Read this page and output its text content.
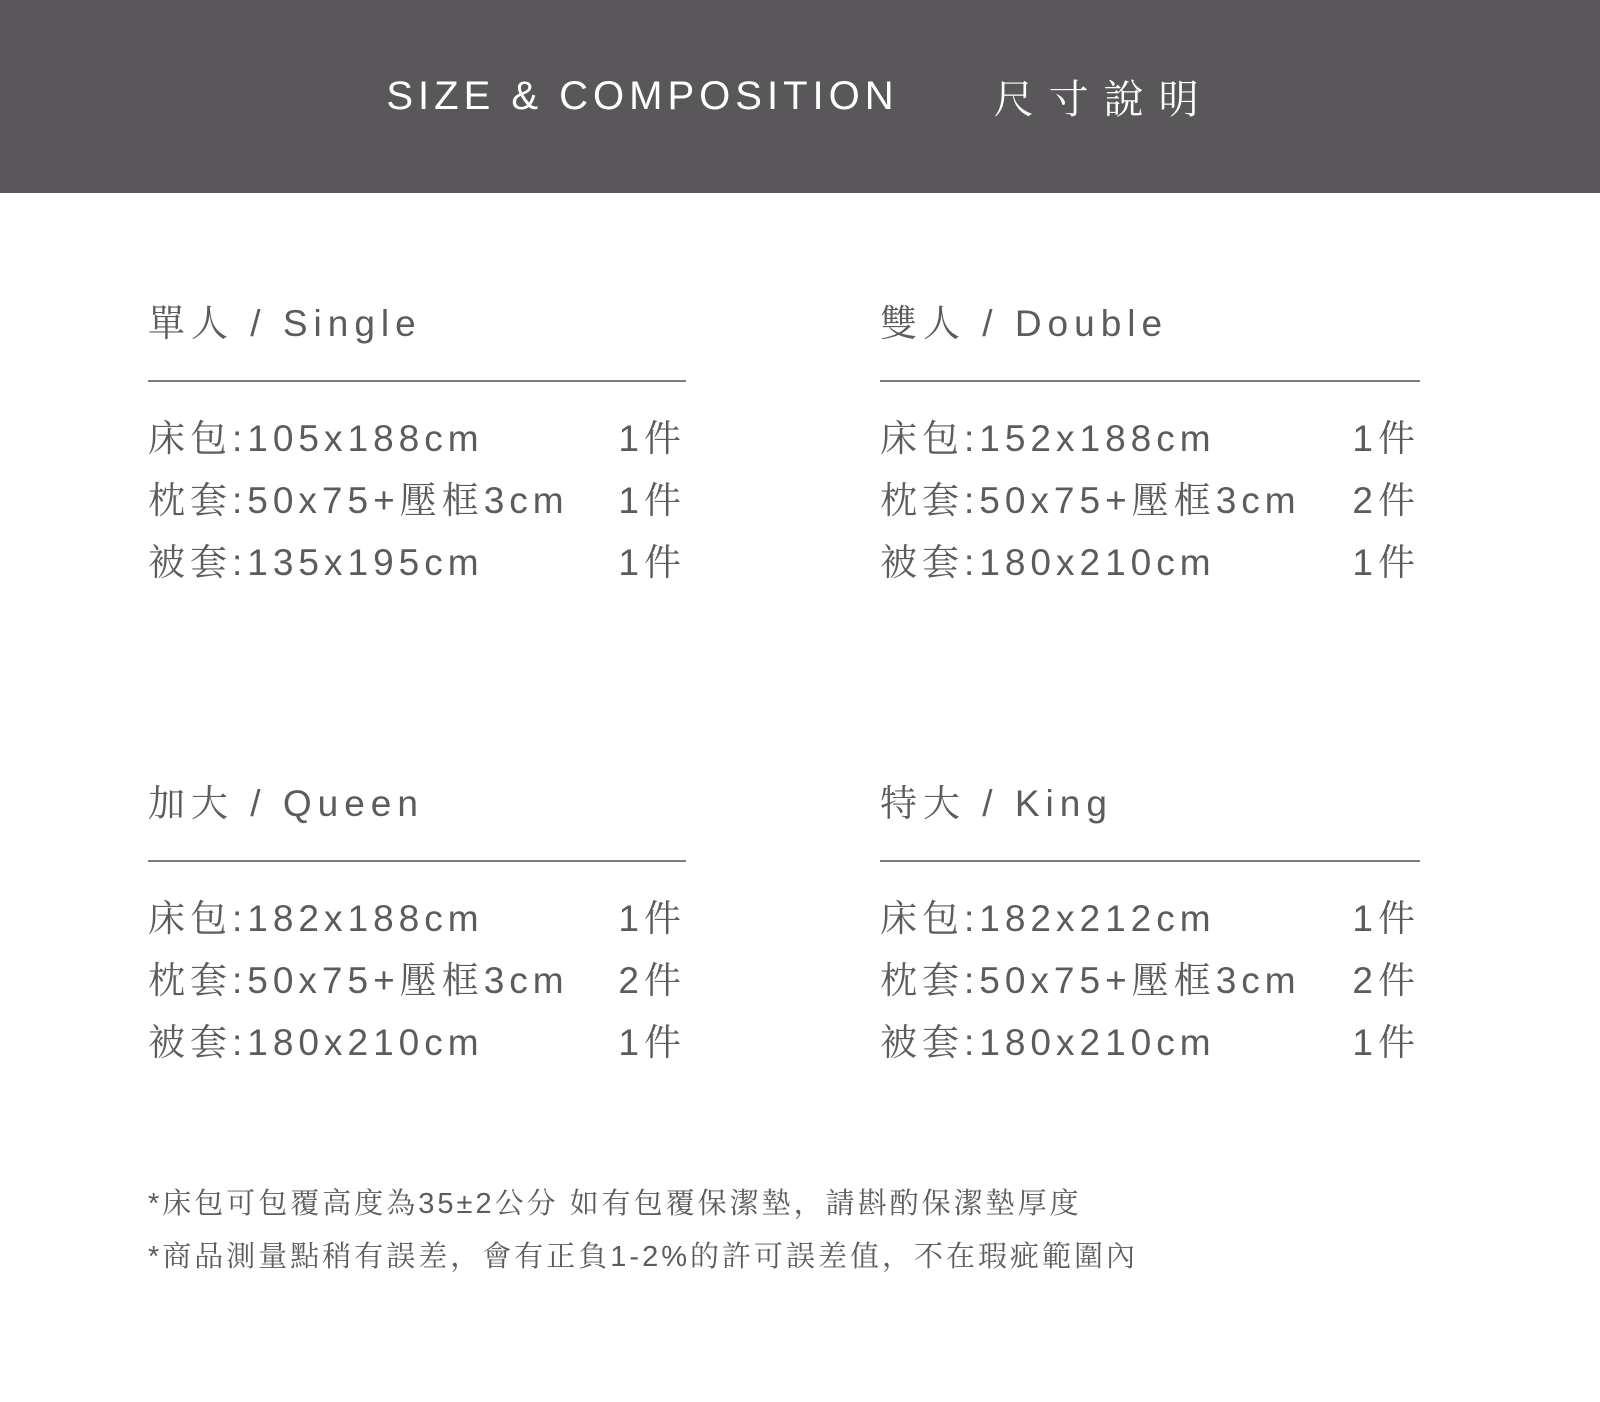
SIZE & COMPOSITION 尺寸說明
單人 / Single
床包:105x188cm	1件
枕套:50x75+壓框3cm 1件
被套:135x195cm	1件
雙人 / Double
床包:152x188cm	1件
枕套:50x75+壓框3cm 2件
被套:180x210cm	1件
加大 / Queen
床包:182x188cm	1件
枕套:50x75+壓框3cm 2件
被套:180x210cm	1件
特大 / King
床包:182x212cm	1件
枕套:50x75+壓框3cm 2件
被套:180x210cm	1件

*床包可包覆高度為35±2公分 如有包覆保潔墊，請斟酌保潔墊厚度

*商品測量點稍有誤差，會有正負1-2%的許可誤差值，不在瑕疵範圍內
